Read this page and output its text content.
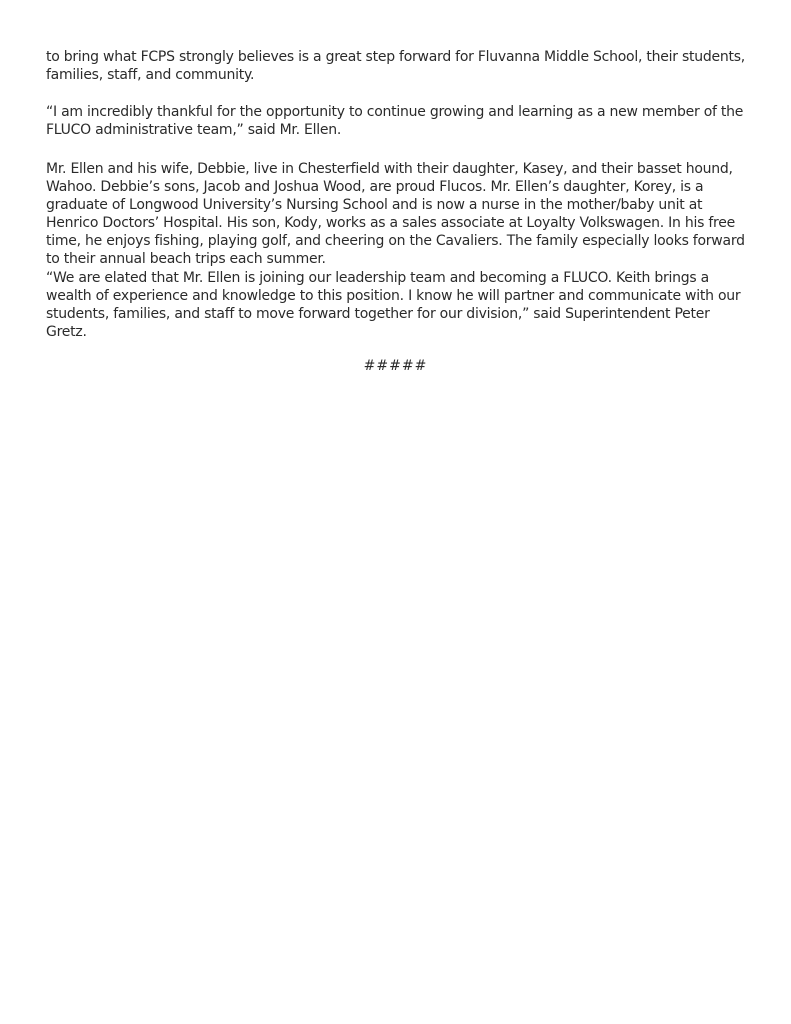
to bring what FCPS strongly believes is a great step forward for Fluvanna Middle School, their students, families, staff, and community.

“I am incredibly thankful for the opportunity to continue growing and learning as a new member of the FLUCO administrative team,” said Mr. Ellen.

Mr. Ellen and his wife, Debbie, live in Chesterfield with their daughter, Kasey, and their basset hound, Wahoo. Debbie’s sons, Jacob and Joshua Wood, are proud Flucos. Mr. Ellen’s daughter, Korey, is a graduate of Longwood University’s Nursing School and is now a nurse in the mother/baby unit at Henrico Doctors’ Hospital. His son, Kody, works as a sales associate at Loyalty Volkswagen. In his free time, he enjoys fishing, playing golf, and cheering on the Cavaliers. The family especially looks forward to their annual beach trips each summer.

“We are elated that Mr. Ellen is joining our leadership team and becoming a FLUCO. Keith brings a wealth of experience and knowledge to this position. I know he will partner and communicate with our students, families, and staff to move forward together for our division,” said Superintendent Peter Gretz.

#####
